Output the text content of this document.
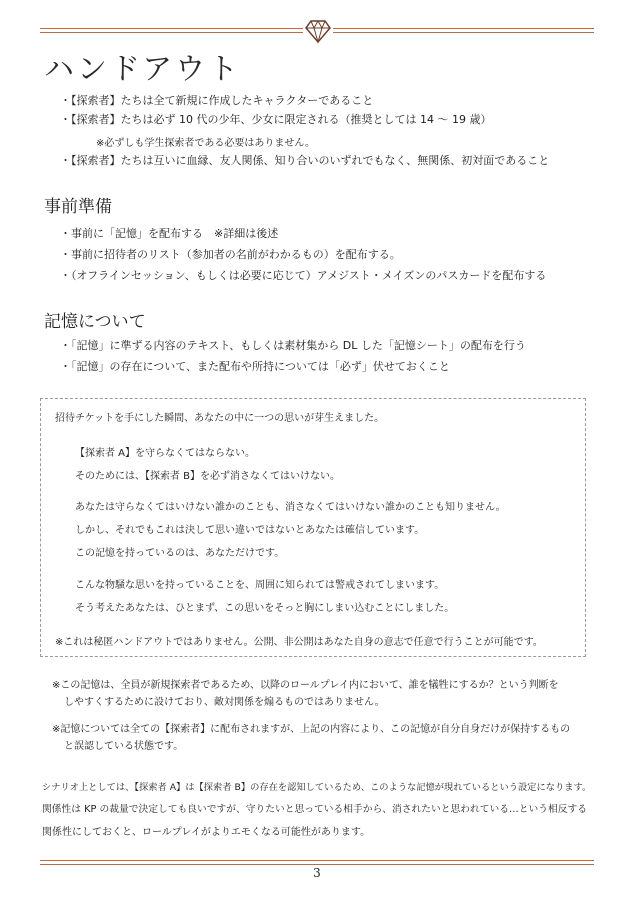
ハンドアウト
・ 【探索者】たちは全て新規に作成したキャラクターであること
・ 【探索者】たちは必ず 10 代の少年、少女に限定される（推奨としては 14 ～ 19 歳）
※必ずしも学生探索者である必要はありません。
・ 【探索者】たちは互いに血縁、友人関係、知り合いのいずれでもなく、無関係、初対面であること
事前準備
・ 事前に「記憶」を配布する　※詳細は後述
・ 事前に招待者のリスト（参加者の名前がわかるもの）を配布する。
・ （オフラインセッション、もしくは必要に応じて）アメジスト・メイズンのパスカードを配布する
記憶について
・ 「記憶」に準ずる内容のテキスト、もしくは素材集から DL した「記憶シート」の配布を行う
・ 「記憶」の存在について、また配布や所持については「必ず」伏せておくこと

招待チケットを手にした瞬間、あなたの中に一つの思いが芽生えました。

【探索者 A】を守らなくてはならない。

そのためには、【探索者 B】を必ず消さなくてはいけない。

あなたは守らなくてはいけない誰かのことも、消さなくてはいけない誰かのことも知りません。

しかし、それでもこれは決して思い違いではないとあなたは確信しています。

この記憶を持っているのは、あなただけです。

こんな物騒な思いを持っていることを、周囲に知られては警戒されてしまいます。

そう考えたあなたは、ひとまず、この思いをそっと胸にしまい込むことにしました。

※これは秘匿ハンドアウトではありません。公開、非公開はあなた自身の意志で任意で行うことが可能です。

※この記憶は、全員が新規探索者であるため、以降のロールプレイ内において、誰を犠牲にするか？という判断を
しやすくするために設けており、敵対関係を煽るものではありません。
※記憶については全ての【探索者】に配布されますが、上記の内容により、この記憶が自分自身だけが保持するもの
と誤認している状態です。
シナリオ上としては、【探索者 A】は【探索者 B】の存在を認知しているため、このような記憶が現れているという設定になります。
関係性は KP の裁量で決定しても良いですが、守りたいと思っている相手から、消されたいと思われている…という相反する
関係性にしておくと、ロールプレイがよりエモくなる可能性があります。
3
